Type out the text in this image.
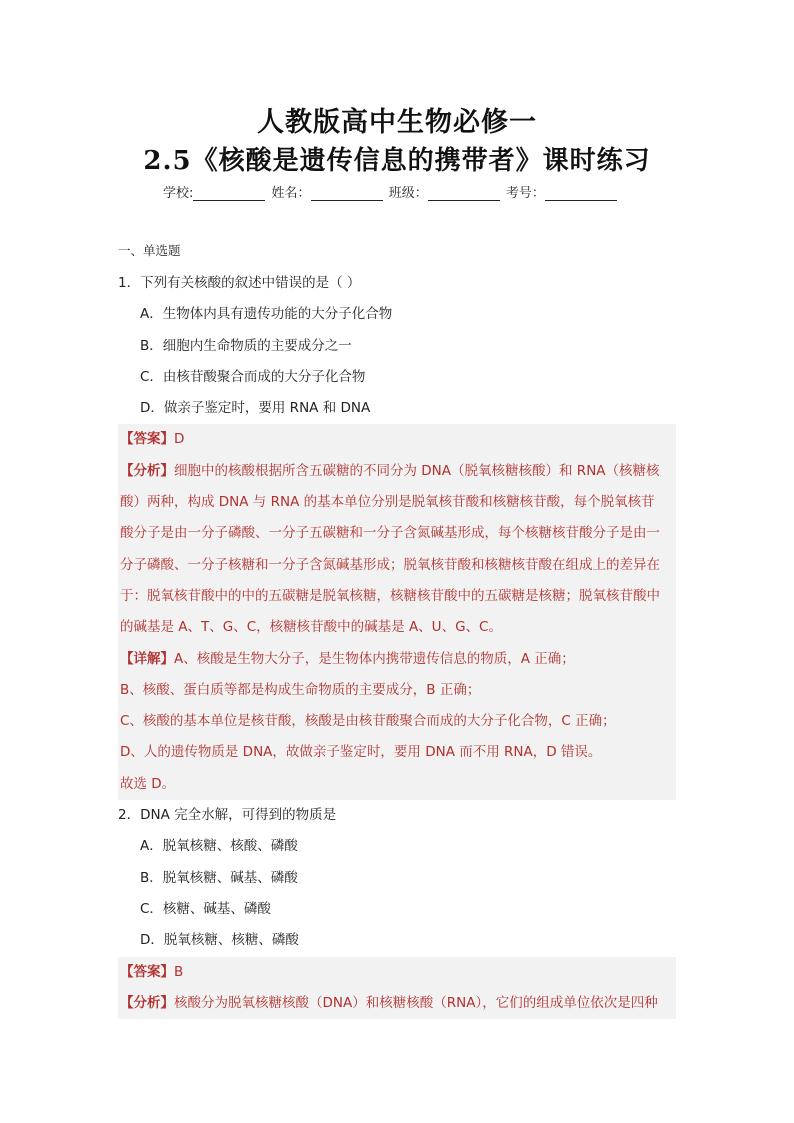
人教版高中生物必修一
2.5《核酸是遗传信息的携带者》课时练习
学校:	姓名：	班级：	考号：
一、单选题
1．下列有关核酸的叙述中错误的是（ ）
A．生物体内具有遗传功能的大分子化合物
B．细胞内生命物质的主要成分之一
C．由核苷酸聚合而成的大分子化合物
D．做亲子鉴定时，要用 RNA 和 DNA
【答案】D
【分析】细胞中的核酸根据所含五碳糖的不同分为 DNA（脱氧核糖核酸）和 RNA（核糖核
酸）两种，构成 DNA 与 RNA 的基本单位分别是脱氧核苷酸和核糖核苷酸，每个脱氧核苷
酸分子是由一分子磷酸、一分子五碳糖和一分子含氮碱基形成，每个核糖核苷酸分子是由一
分子磷酸、一分子核糖和一分子含氮碱基形成；脱氧核苷酸和核糖核苷酸在组成上的差异在
于：脱氧核苷酸中的中的五碳糖是脱氧核糖，核糖核苷酸中的五碳糖是核糖；脱氧核苷酸中
的碱基是 A、T、G、C，核糖核苷酸中的碱基是 A、U、G、C。
【详解】A、核酸是生物大分子，是生物体内携带遗传信息的物质，A 正确；
B、核酸、蛋白质等都是构成生命物质的主要成分，B 正确；
C、核酸的基本单位是核苷酸，核酸是由核苷酸聚合而成的大分子化合物，C 正确；
D、人的遗传物质是 DNA，故做亲子鉴定时，要用 DNA 而不用 RNA，D 错误。
故选 D。
2．DNA 完全水解，可得到的物质是
A．脱氧核糖、核酸、磷酸
B．脱氧核糖、碱基、磷酸
C．核糖、碱基、磷酸
D．脱氧核糖、核糖、磷酸
【答案】B
【分析】核酸分为脱氧核糖核酸（DNA）和核糖核酸（RNA），它们的组成单位依次是四种
